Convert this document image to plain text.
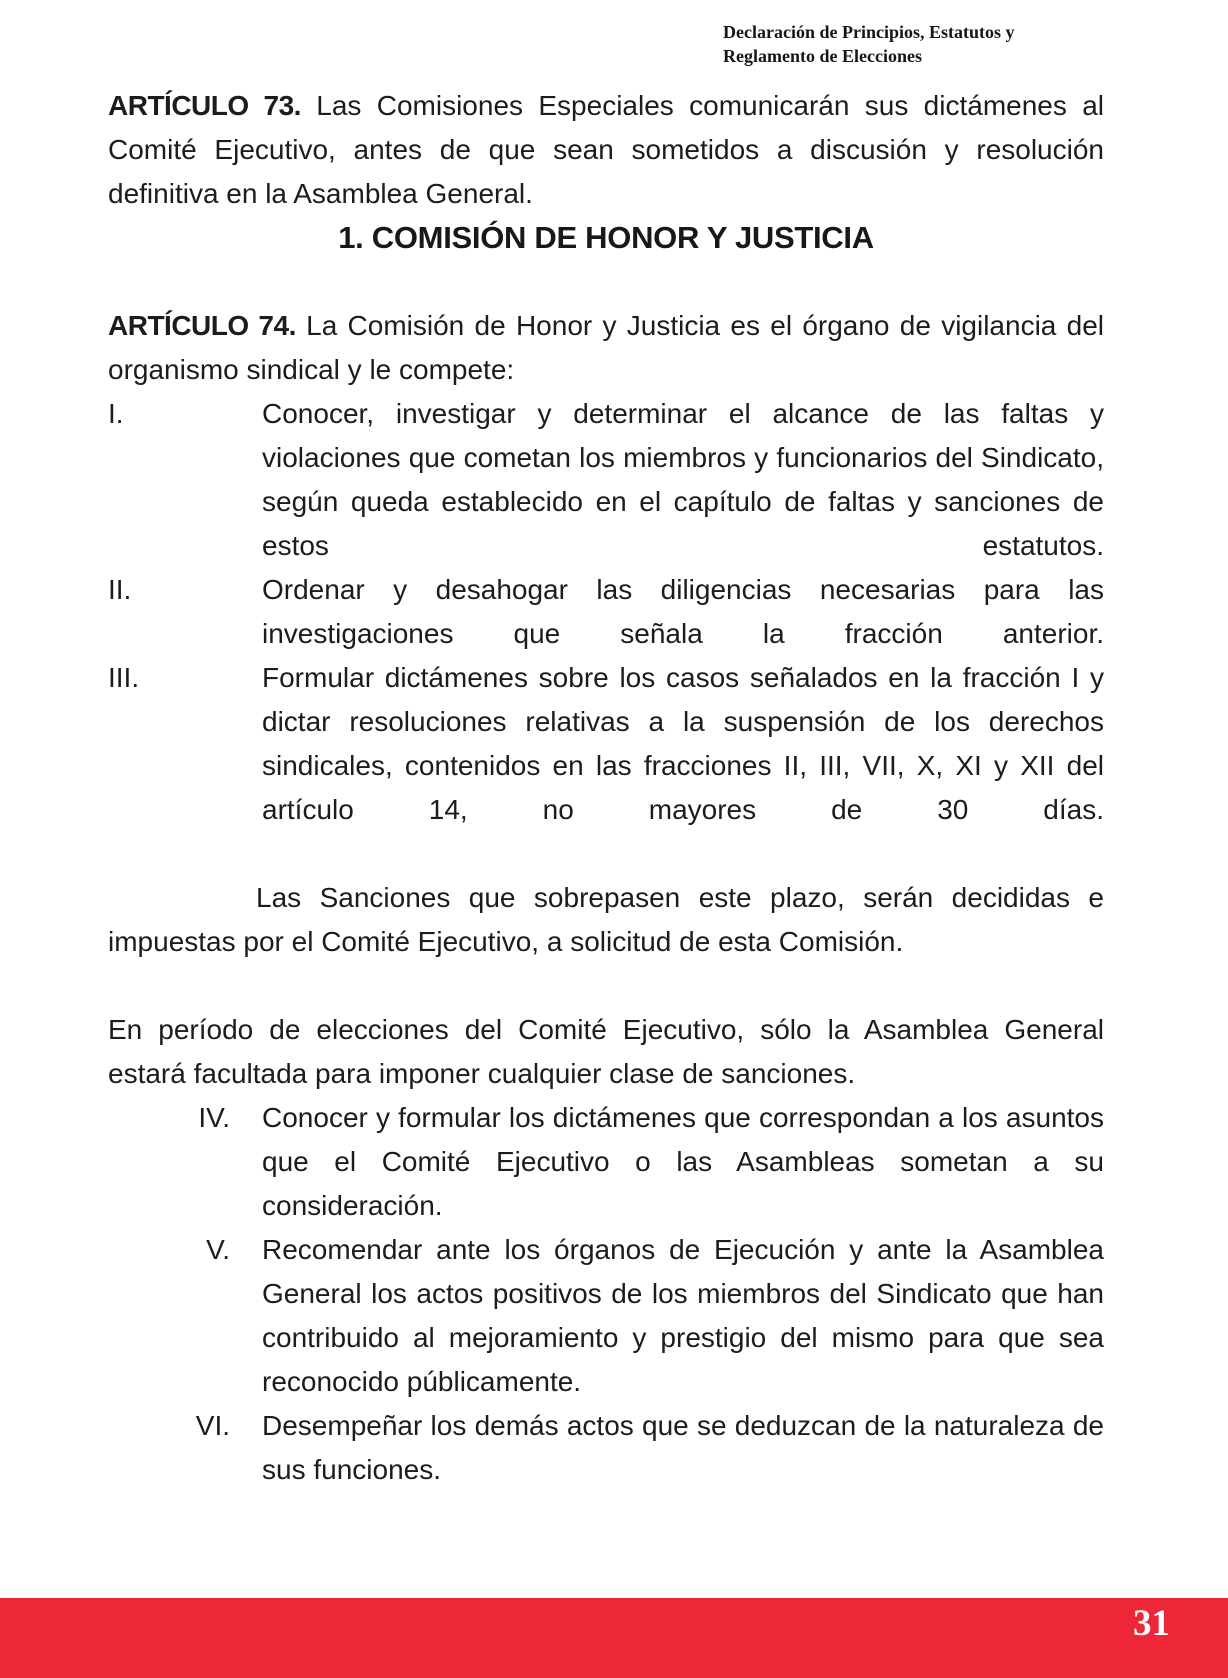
Declaración de Principios, Estatutos y
Reglamento de Elecciones

ARTÍCULO 73. Las Comisiones Especiales comunicarán sus dictámenes al Comité Ejecutivo, antes de que sean sometidos a discusión y resolución definitiva en la Asamblea General.

1. COMISIÓN DE HONOR Y JUSTICIA

ARTÍCULO 74. La Comisión de Honor y Justicia es el órgano de vigilancia del organismo sindical y le compete:

I.	Conocer, investigar y determinar el alcance de las faltas y violaciones que cometan los miembros y funcionarios del Sindicato, según queda establecido en el capítulo de faltas y sanciones de estos estatutos.
II.	Ordenar y desahogar las diligencias necesarias para las investigaciones que señala la fracción anterior.
III.	Formular dictámenes sobre los casos señalados en la fracción I y dictar resoluciones relativas a la suspensión de los derechos sindicales, contenidos en las fracciones II, III, VII, X, XI y XII del artículo 14, no mayores de 30 días.

Las Sanciones que sobrepasen este plazo, serán decididas e impuestas por el Comité Ejecutivo, a solicitud de esta Comisión.

En período de elecciones del Comité Ejecutivo, sólo la Asamblea General estará facultada para imponer cualquier clase de sanciones.

IV. Conocer y formular los dictámenes que correspondan a los asuntos que el Comité Ejecutivo o las Asambleas sometan a su consideración.
V. Recomendar ante los órganos de Ejecución y ante la Asamblea General los actos positivos de los miembros del Sindicato que han contribuido al mejoramiento y prestigio del mismo para que sea reconocido públicamente.
VI. Desempeñar los demás actos que se deduzcan de la naturaleza de sus funciones.
31
